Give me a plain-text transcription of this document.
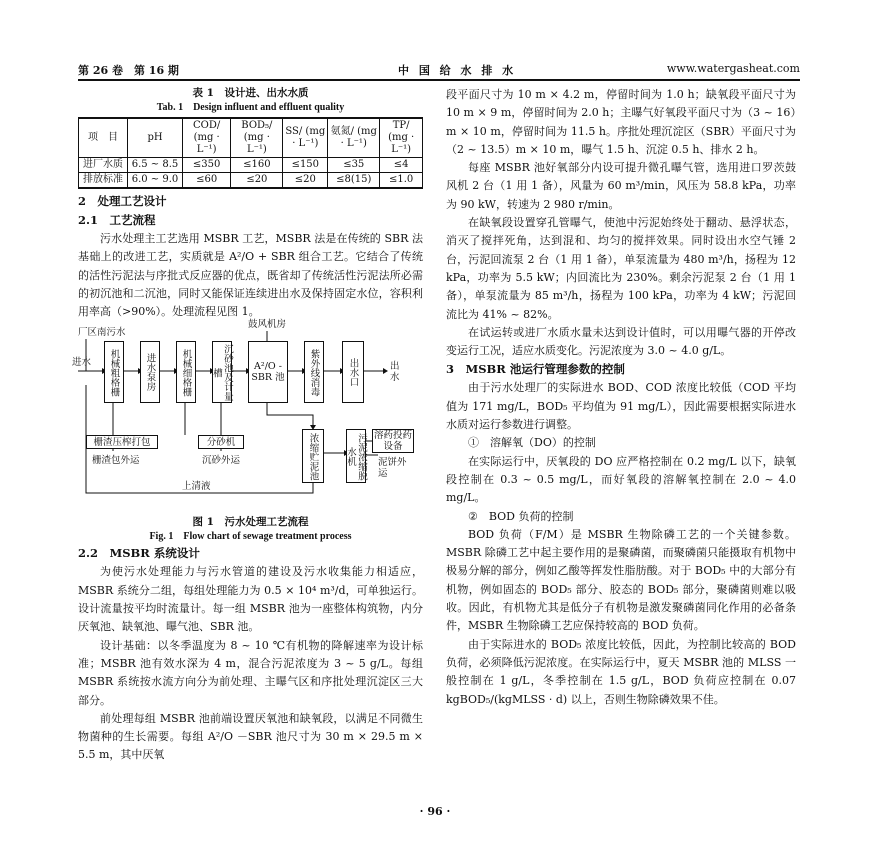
第 26 卷　第 16 期	中 国 给 水 排 水	www.watergasheat.com
表 1　设计进、出水水质
Tab. 1　Design influent and effluent quality
项　目	pH	COD/ (mg · L⁻¹)	BOD₅/ (mg · L⁻¹)	SS/ (mg · L⁻¹)	氨氮/ (mg · L⁻¹)	TP/ (mg · L⁻¹)
进厂水质	6.5 ~ 8.5	≤350	≤160	≤150	≤35	≤4
排放标准	6.0 ~ 9.0	≤60	≤20	≤20	≤8(15)	≤1.0
2　处理工艺设计
2.1　工艺流程

污水处理主工艺选用 MSBR 工艺，MSBR 法是在传统的 SBR 法基础上的改进工艺，实质就是 A²/O + SBR 组合工艺。它结合了传统的活性污泥法与序批式反应器的优点，既省却了传统活性污泥法所必需的初沉池和二沉池，同时又能保证连续进出水及保持固定水位，容积利用率高（>90%）。处理流程见图 1。

厂区南污水
进水
鼓风机房
机械粗格栅	进水泵房	机械细格栅	沉砂池及计量槽	A²/O -SBR 池	紫外线消毒	出水口	出水
栅渣压榨打包	分砂机	浓缩贮泥池	污泥浓缩脱水机
溶药投药设备
泥饼外运
栅渣包外运	沉砂外运
上清液
图 1　污水处理工艺流程
Fig. 1　Flow chart of sewage treatment process
2.2　MSBR 系统设计

为使污水处理能力与污水管道的建设及污水收集能力相适应，MSBR 系统分二组，每组处理能力为 0.5 × 10⁴ m³/d，可单独运行。设计流量按平均时流量计。每一组 MSBR 池为一座整体构筑物，内分厌氧池、缺氧池、曝气池、SBR 池。

设计基础：以冬季温度为 8 ~ 10 ℃有机物的降解速率为设计标准；MSBR 池有效水深为 4 m，混合污泥浓度为 3 ~ 5 g/L。每组 MSBR 系统按水流方向分为前处理、主曝气区和序批处理沉淀区三大部分。

前处理每组 MSBR 池前端设置厌氧池和缺氧段，以满足不同微生物菌种的生长需要。每组 A²/O －SBR 池尺寸为 30 m × 29.5 m × 5.5 m，其中厌氧

段平面尺寸为 10 m × 4.2 m，停留时间为 1.0 h；缺氧段平面尺寸为 10 m × 9 m，停留时间为 2.0 h；主曝气好氧段平面尺寸为（3 ~ 16）m × 10 m，停留时间为 11.5 h。序批处理沉淀区（SBR）平面尺寸为（2 ~ 13.5）m × 10 m，曝气 1.5 h、沉淀 0.5 h、排水 2 h。

每座 MSBR 池好氧部分内设可提升微孔曝气管，选用进口罗茨鼓风机 2 台（1 用 1 备），风量为 60 m³/min，风压为 58.8 kPa，功率为 90 kW，转速为 2 980 r/min。

在缺氧段设置穿孔管曝气，使池中污泥始终处于翻动、悬浮状态，消灭了搅拌死角，达到混和、均匀的搅拌效果。同时设出水空气锤 2 台，污泥回流泵 2 台（1 用 1 备），单泵流量为 480 m³/h，扬程为 12 kPa，功率为 5.5 kW；内回流比为 230%。剩余污泥泵 2 台（1 用 1 备），单泵流量为 85 m³/h，扬程为 100 kPa，功率为 4 kW；污泥回流比为 41% ~ 82%。

在试运转或进厂水质水量未达到设计值时，可以用曝气器的开停改变运行工况，适应水质变化。污泥浓度为 3.0 ~ 4.0 g/L。

3　MSBR 池运行管理参数的控制

由于污水处理厂的实际进水 BOD、COD 浓度比较低（COD 平均值为 171 mg/L，BOD₅ 平均值为 91 mg/L），因此需要根据实际进水水质对运行参数进行调整。

①　溶解氧（DO）的控制

在实际运行中，厌氧段的 DO 应严格控制在 0.2 mg/L 以下，缺氧段控制在 0.3 ~ 0.5 mg/L，而好氧段的溶解氧控制在 2.0 ~ 4.0 mg/L。

②　BOD 负荷的控制

BOD 负荷（F/M）是 MSBR 生物除磷工艺的一个关键参数。MSBR 除磷工艺中起主要作用的是聚磷菌，而聚磷菌只能摄取有机物中极易分解的部分，例如乙酸等挥发性脂肪酸。对于 BOD₅ 中的大部分有机物，例如固态的 BOD₅ 部分、胶态的 BOD₅ 部分，聚磷菌则难以吸收。因此，有机物尤其是低分子有机物是激发聚磷菌同化作用的必备条件，MSBR 生物除磷工艺应保持较高的 BOD 负荷。

由于实际进水的 BOD₅ 浓度比较低，因此，为控制比较高的 BOD 负荷，必须降低污泥浓度。在实际运行中，夏天 MSBR 池的 MLSS 一般控制在 1 g/L，冬季控制在 1.5 g/L，BOD 负荷应控制在 0.07 kgBOD₅/(kgMLSS · d) 以上，否则生物除磷效果不佳。

· 96 ·
